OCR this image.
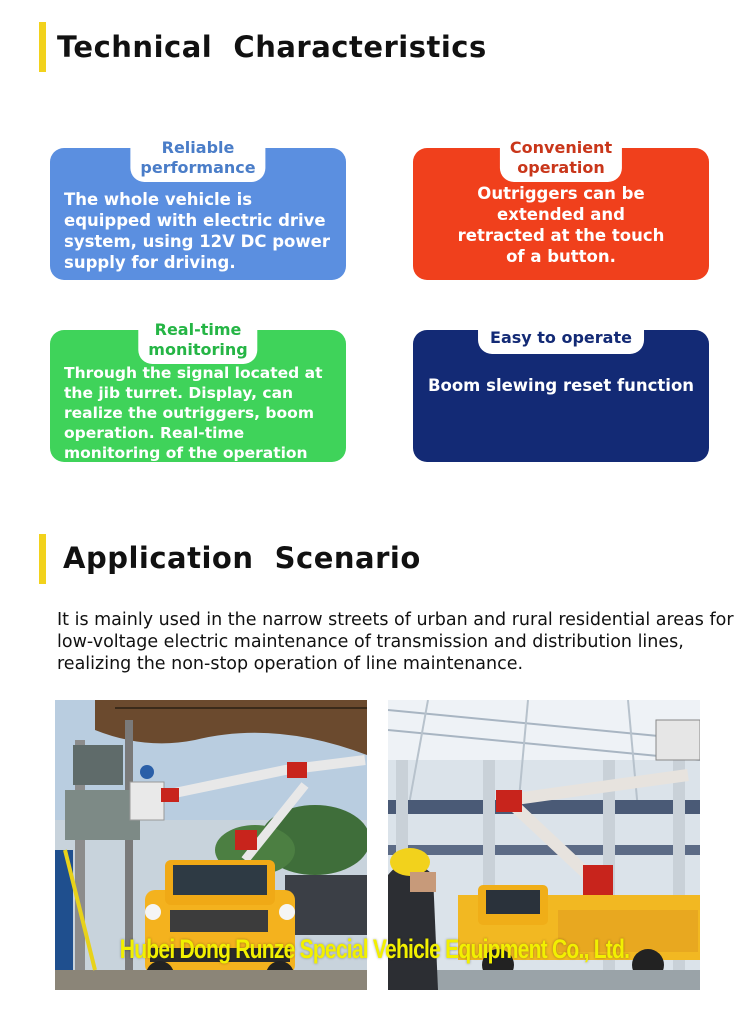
Technical  Characteristics
Reliable
performance
The whole vehicle is equipped with electric drive system, using 12V DC power supply for driving.
Convenient
operation
Outriggers can be extended and retracted at the touch of a button.
Real-time
monitoring
Through the signal located at the jib turret. Display, can realize the outriggers, boom operation. Real-time monitoring of the operation and faults.
Easy to operate
Boom slewing reset function
Application  Scenario
It is mainly used in the narrow streets of urban and rural residential areas for low-voltage electric maintenance of transmission and distribution lines, realizing the non-stop operation of line maintenance.
Hubei Dong Runze Special Vehicle Equipment Co., Ltd.
